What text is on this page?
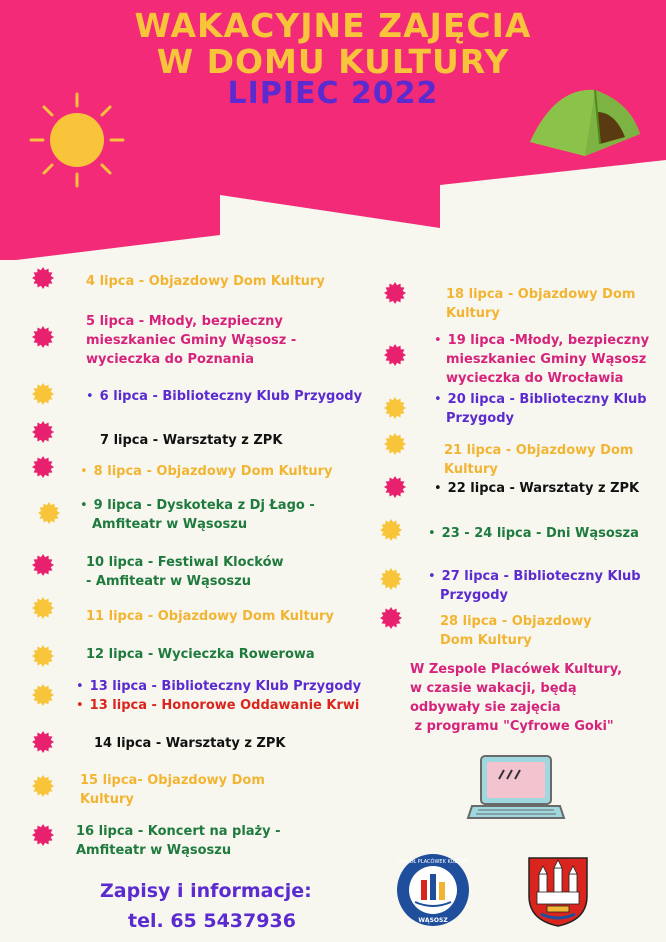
WAKACYJNE ZAJĘCIA
W DOMU KULTURY
LIPIEC 2022
4 lipca - Objazdowy Dom Kultury
5 lipca - Młody, bezpieczny
mieszkaniec Gminy Wąsosz -
wycieczka do Poznania
• 6 lipca - Biblioteczny Klub Przygody

7 lipca - Warsztaty z ZPK
• 8 lipca - Objazdowy Dom Kultury

• 9 lipca - Dyskoteka z Dj Łago -

Amfiteatr w Wąsoszu
10 lipca - Festiwal Klocków
- Amfiteatr w Wąsoszu
11 lipca - Objazdowy Dom Kultury
12 lipca - Wycieczka Rowerowa
• 13 lipca - Biblioteczny Klub Przygody

• 13 lipca - Honorowe Oddawanie Krwi

14 lipca - Warsztaty z ZPK
15 lipca- Objazdowy Dom
Kultury
16 lipca - Koncert na plaży -
Amfiteatr w Wąsoszu
18 lipca - Objazdowy Dom
Kultury
• 19 lipca -Młody, bezpieczny

mieszkaniec Gminy Wąsosz
wycieczka do Wrocławia
• 20 lipca - Biblioteczny Klub

Przygody
21 lipca - Objazdowy Dom
Kultury
• 22 lipca - Warsztaty z ZPK

• 23 - 24 lipca - Dni Wąsosza

• 27 lipca - Biblioteczny Klub

Przygody
28 lipca - Objazdowy
Dom Kultury
W Zespole Placówek Kultury,
w czasie wakacji, będą
odbywały sie zajęcia
z programu "Cyfrowe Goki"
Zapisy i informacje:
tel. 65 5437936	WĄSOSZ
ZESPÓŁ PLACÓWEK KULTURY
